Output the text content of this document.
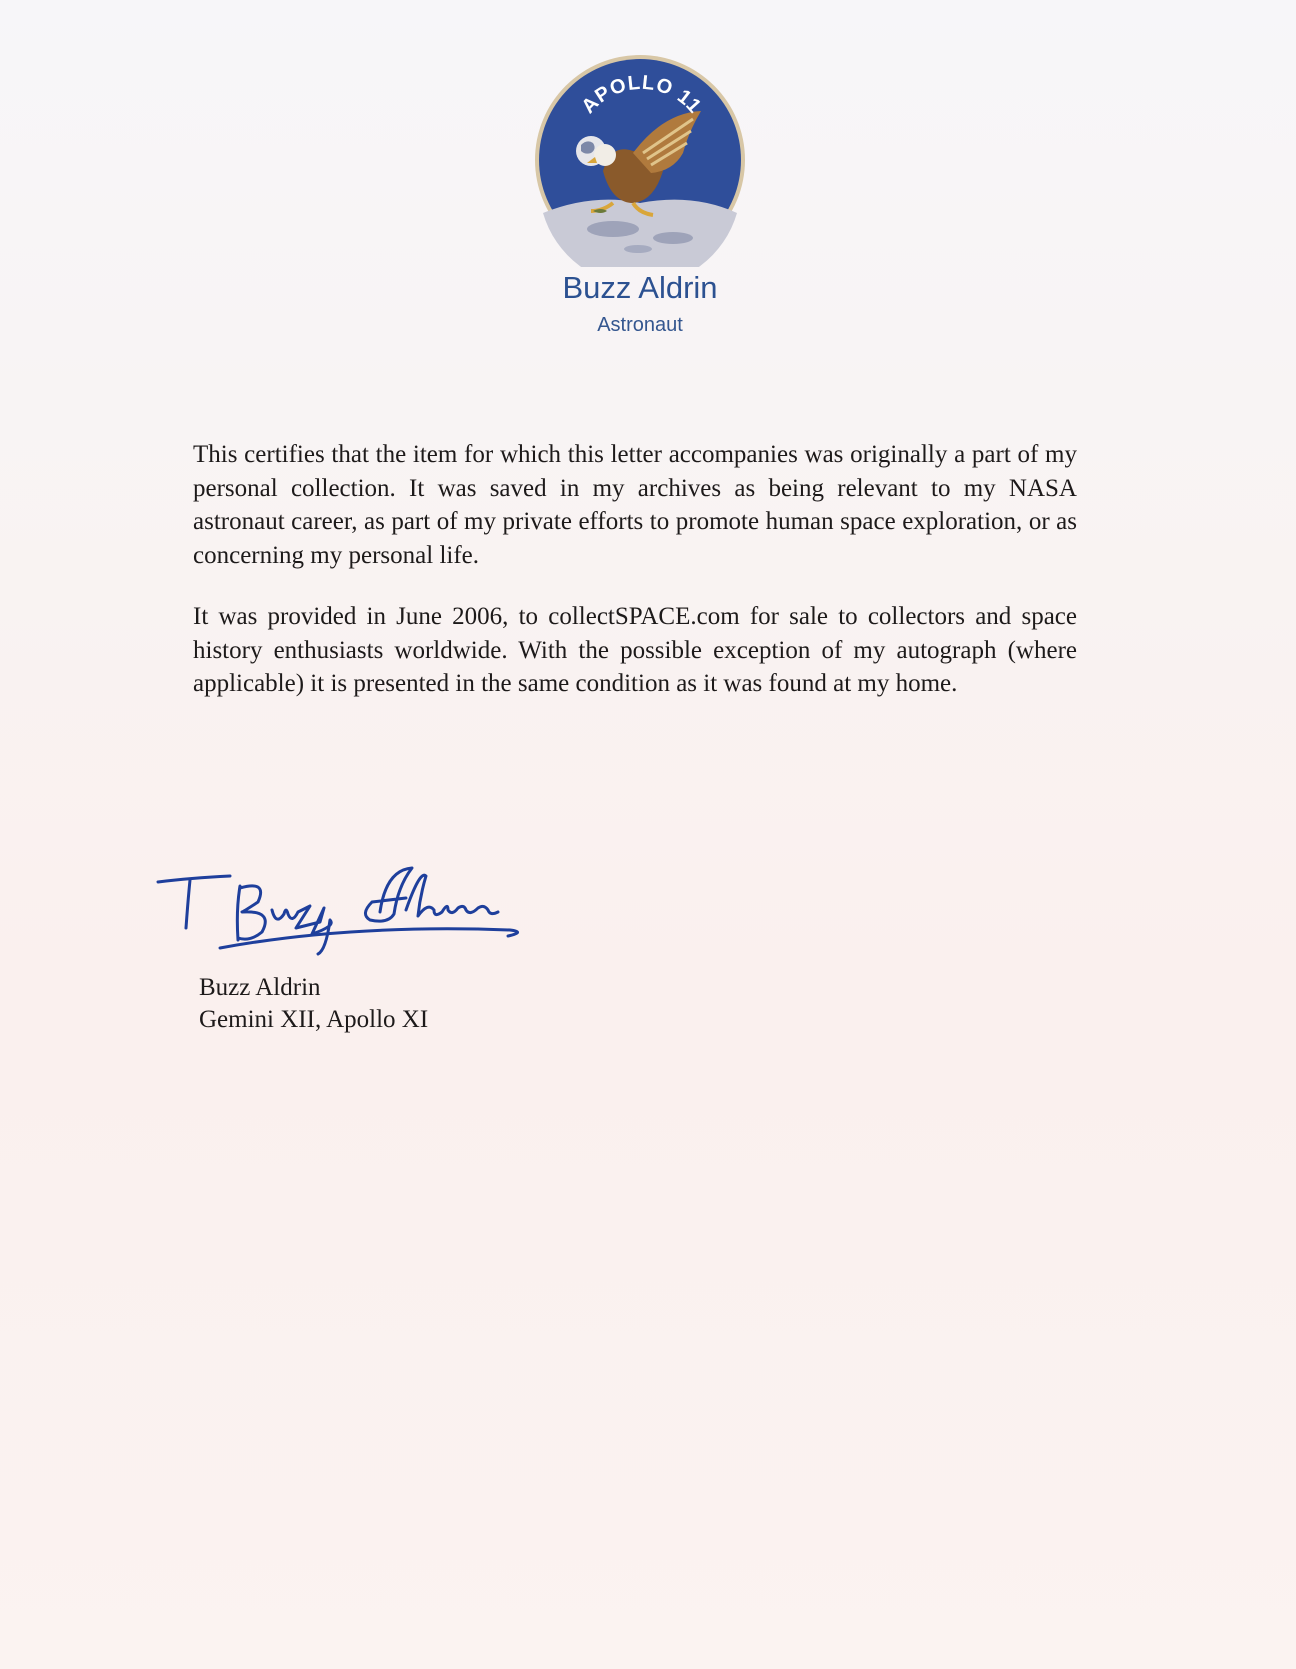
APOLLO 11
Buzz Aldrin
Astronaut

This certifies that the item for which this letter accompanies was originally a part of my personal collection. It was saved in my archives as being relevant to my NASA astronaut career, as part of my private efforts to promote human space exploration, or as concerning my personal life.

It was provided in June 2006, to collectSPACE.com for sale to collectors and space history enthusiasts worldwide. With the possible exception of my autograph (where applicable) it is presented in the same condition as it was found at my home.

Buzz Aldrin
Gemini XII, Apollo XI
